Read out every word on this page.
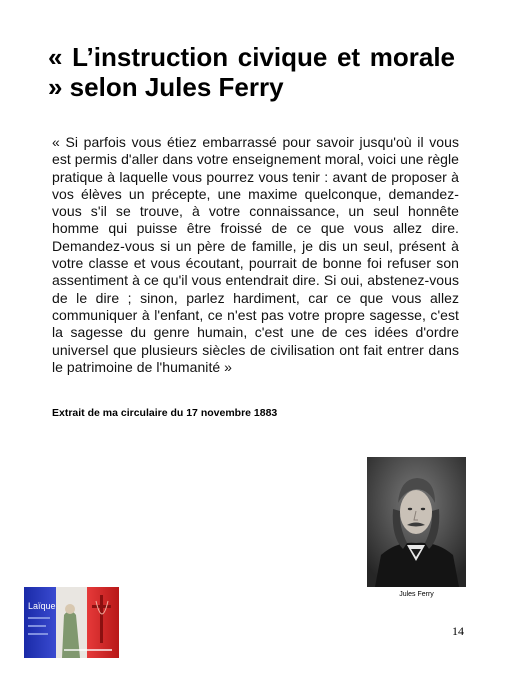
« L’instruction civique et morale » selon Jules Ferry

« Si parfois vous étiez embarrassé pour savoir jusqu'où il vous est permis d'aller dans votre enseignement moral, voici une règle pratique à laquelle vous pourrez vous tenir : avant de proposer à vos élèves un précepte, une maxime quelconque, demandez-vous s'il se trouve, à votre connaissance, un seul honnête homme qui puisse être froissé de ce que vous allez dire. Demandez-vous si un père de famille, je dis un seul, présent à votre classe et vous écoutant, pourrait de bonne foi refuser son assentiment à ce qu'il vous entendrait dire. Si oui, abstenez-vous de le dire ; sinon, parlez hardiment, car ce que vous allez communiquer à l'enfant, ce n'est pas votre propre sagesse, c'est la sagesse du genre humain, c'est une de ces idées d'ordre universel que plusieurs siècles de civilisation ont fait entrer dans le patrimoine de l'humanité »

Extrait de ma circulaire du 17 novembre 1883

Jules Ferry

Laïque

14
